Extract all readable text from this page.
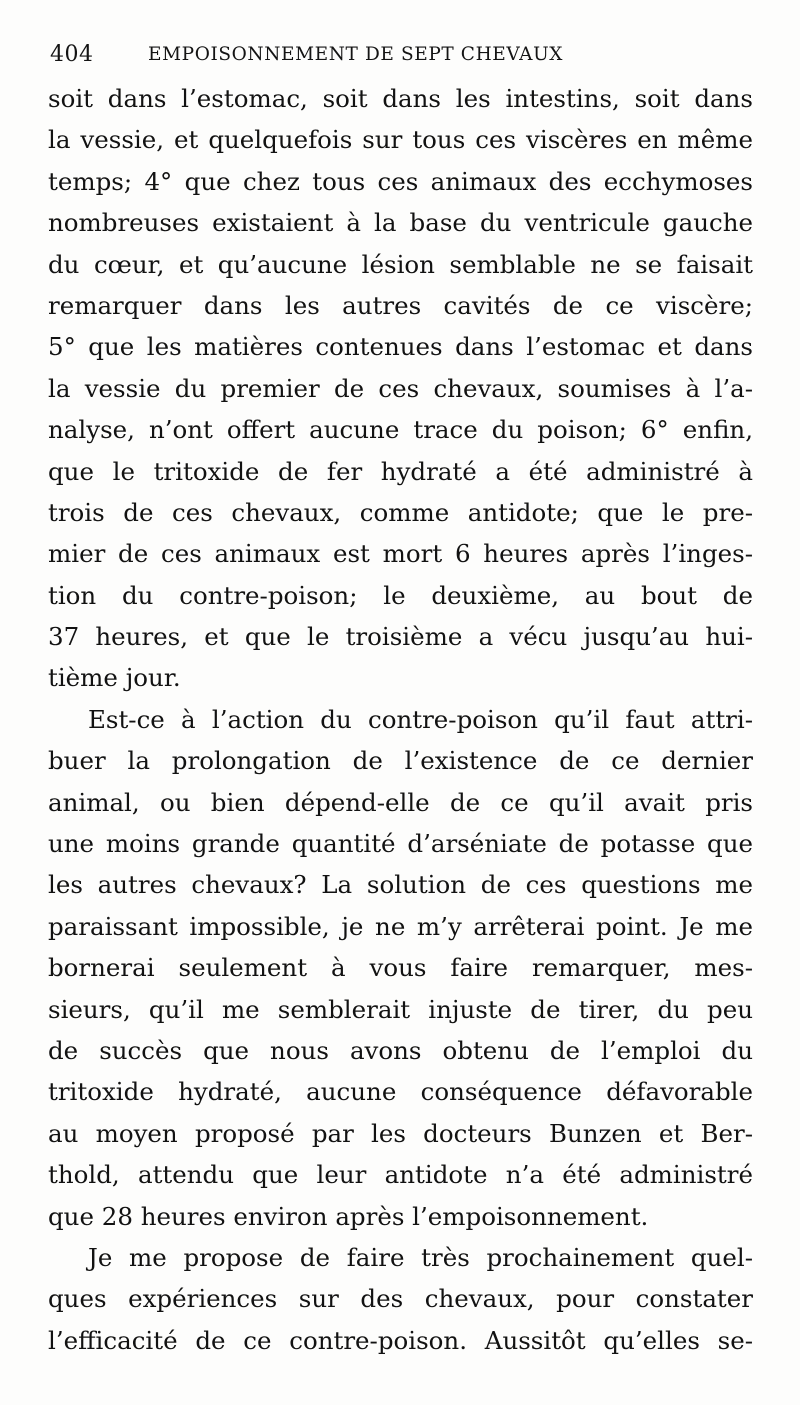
404	EMPOISONNEMENT DE SEPT CHEVAUX
soit dans l’estomac, soit dans les intestins, soit dans
la vessie, et quelquefois sur tous ces viscères en même
temps; 4° que chez tous ces animaux des ecchymoses
nombreuses existaient à la base du ventricule gauche
du cœur, et qu’aucune lésion semblable ne se faisait
remarquer dans les autres cavités de ce viscère;
5° que les matières contenues dans l’estomac et dans
la vessie du premier de ces chevaux, soumises à l’a-
nalyse, n’ont offert aucune trace du poison; 6° enfin,
que le tritoxide de fer hydraté a été administré à
trois de ces chevaux, comme antidote; que le pre-
mier de ces animaux est mort 6 heures après l’inges-
tion du contre-poison; le deuxième, au bout de
37 heures, et que le troisième a vécu jusqu’au hui-
tième jour.
Est-ce à l’action du contre-poison qu’il faut attri-
buer la prolongation de l’existence de ce dernier
animal, ou bien dépend-elle de ce qu’il avait pris
une moins grande quantité d’arséniate de potasse que
les autres chevaux? La solution de ces questions me
paraissant impossible, je ne m’y arrêterai point. Je me
bornerai seulement à vous faire remarquer, mes-
sieurs, qu’il me semblerait injuste de tirer, du peu
de succès que nous avons obtenu de l’emploi du
tritoxide hydraté, aucune conséquence défavorable
au moyen proposé par les docteurs Bunzen et Ber-
thold, attendu que leur antidote n’a été administré
que 28 heures environ après l’empoisonnement.
Je me propose de faire très prochainement quel-
ques expériences sur des chevaux, pour constater
l’efficacité de ce contre-poison. Aussitôt qu’elles se-
